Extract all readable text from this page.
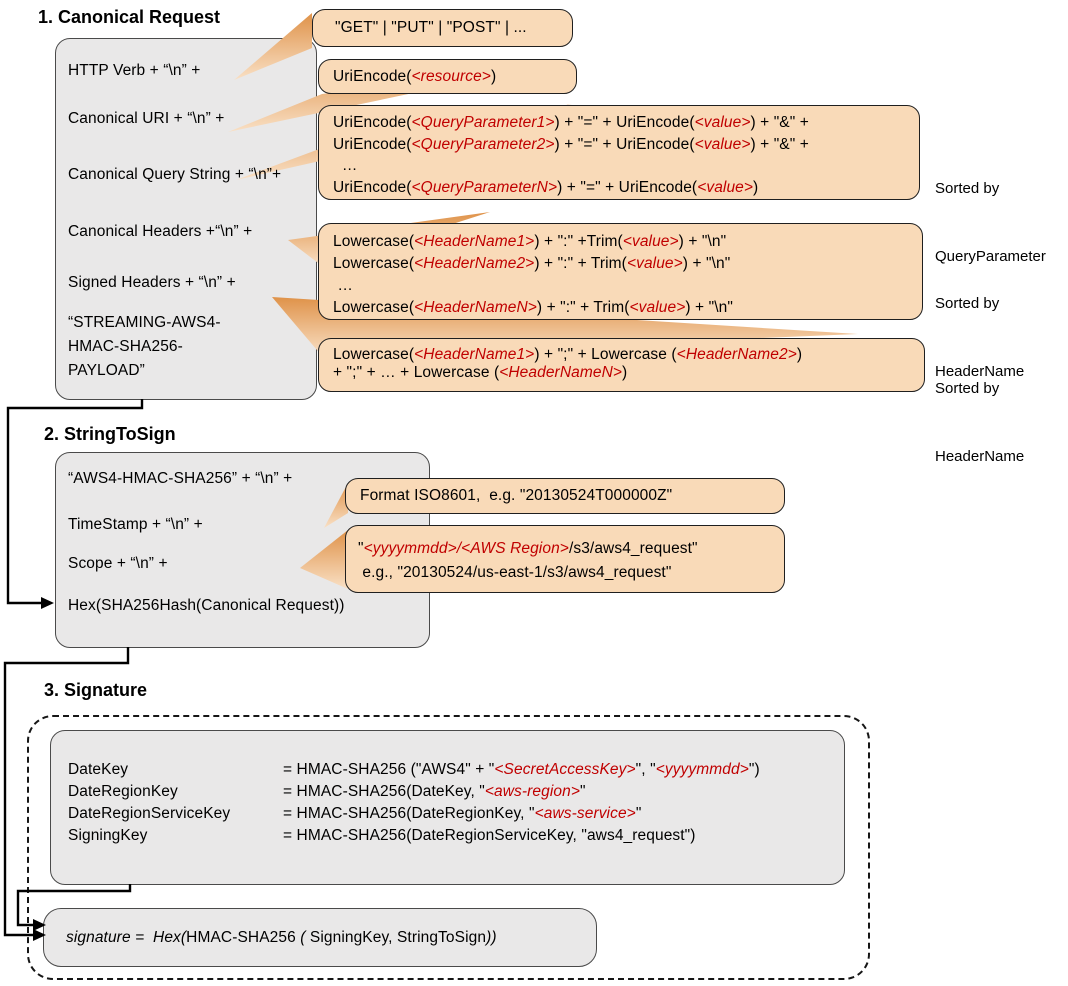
1. Canonical Request
2. StringToSign
3. Signature
HTTP Verb + “\n” +
Canonical URI + “\n” +
Canonical Query String + “\n”+
Canonical Headers +“\n” +
Signed Headers + “\n” +
“STREAMING-AWS4-
HMAC-SHA256-
PAYLOAD”
“AWS4-HMAC-SHA256” + “\n” +
TimeStamp + “\n” +
Scope + “\n” +
Hex(SHA256Hash(Canonical Request))
DateKey	= HMAC-SHA256 ("AWS4" + "<SecretAccessKey>", "<yyyymmdd>")
DateRegionKey	= HMAC-SHA256(DateKey, "<aws-region>"
DateRegionServiceKey	= HMAC-SHA256(DateRegionKey, "<aws-service>"
SigningKey	= HMAC-SHA256(DateRegionServiceKey, "aws4_request")
signature =  Hex(HMAC-SHA256 ( SigningKey, StringToSign))
"GET" | "PUT" | "POST" | ...
UriEncode(<resource>)
UriEncode(<QueryParameter1>) + "=" + UriEncode(<value>) + "&" +
UriEncode(<QueryParameter2>) + "=" + UriEncode(<value>) + "&" +
…
UriEncode(<QueryParameterN>) + "=" + UriEncode(<value>)
Lowercase(<HeaderName1>) + ":" +Trim(<value>) + "\n"
Lowercase(<HeaderName2>) + ":" + Trim(<value>) + "\n"
…
Lowercase(<HeaderNameN>) + ":" + Trim(<value>) + "\n"
Lowercase(<HeaderName1>) + ";" + Lowercase (<HeaderName2>)
+ ";" + … + Lowercase (<HeaderNameN>)
Format ISO8601,  e.g. "20130524T000000Z"
"<yyyymmdd>/<AWS Region>/s3/aws4_request"
e.g., "20130524/us-east-1/s3/aws4_request"

Sorted by

QueryParameter

Sorted by

HeaderName

Sorted by

HeaderName
